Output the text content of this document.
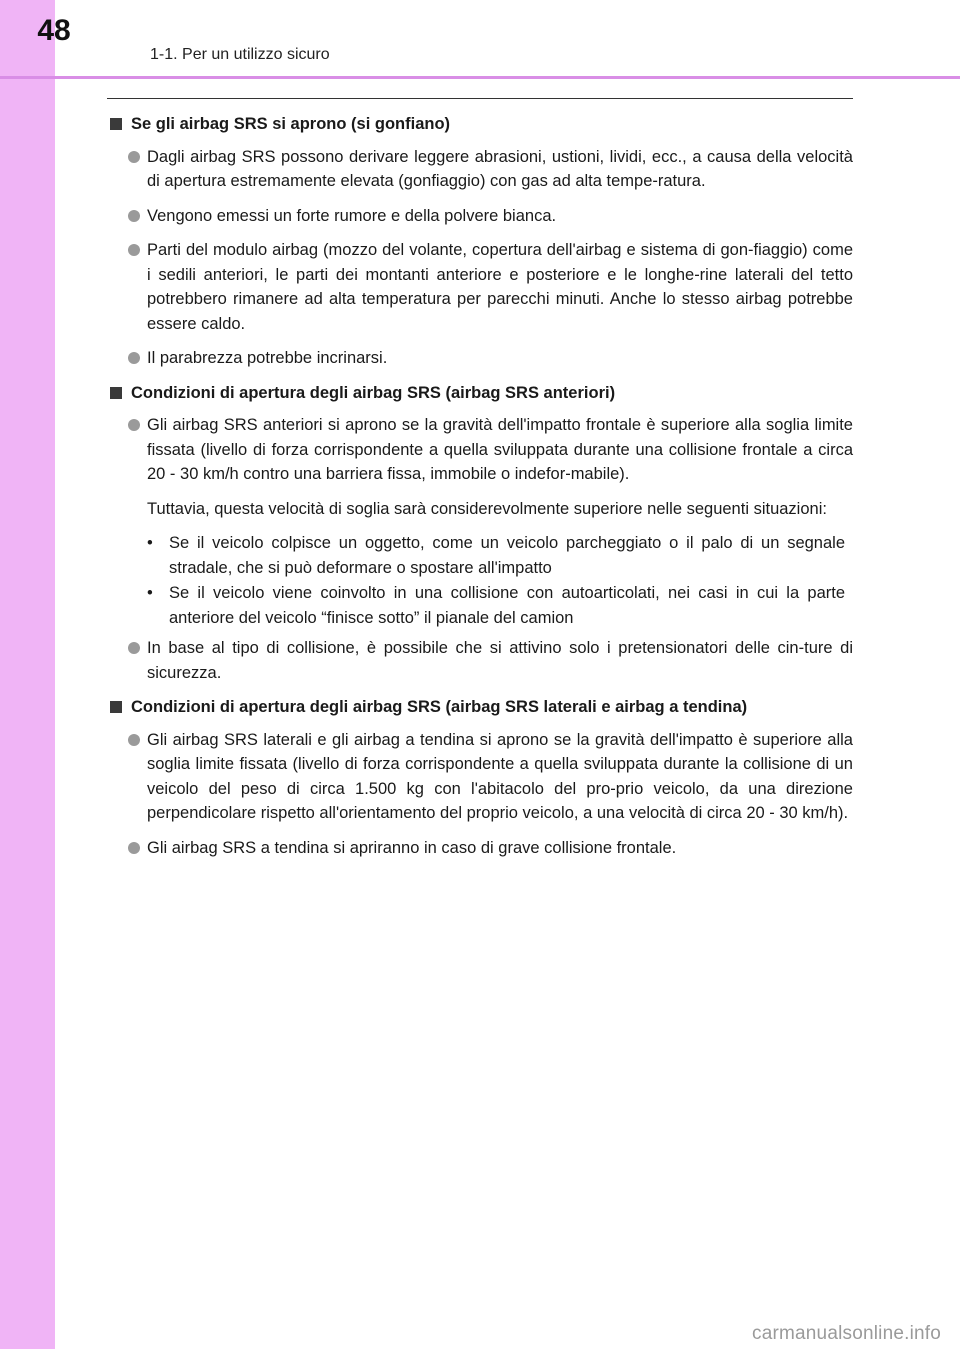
48
1-1. Per un utilizzo sicuro
Se gli airbag SRS si aprono (si gonfiano)
Dagli airbag SRS possono derivare leggere abrasioni, ustioni, lividi, ecc., a causa della velocità di apertura estremamente elevata (gonfiaggio) con gas ad alta tempe-ratura.
Vengono emessi un forte rumore e della polvere bianca.
Parti del modulo airbag (mozzo del volante, copertura dell'airbag e sistema di gon-fiaggio) come i sedili anteriori, le parti dei montanti anteriore e posteriore e le longhe-rine laterali del tetto potrebbero rimanere ad alta temperatura per parecchi minuti. Anche lo stesso airbag potrebbe essere caldo.
Il parabrezza potrebbe incrinarsi.
Condizioni di apertura degli airbag SRS (airbag SRS anteriori)
Gli airbag SRS anteriori si aprono se la gravità dell'impatto frontale è superiore alla soglia limite fissata (livello di forza corrispondente a quella sviluppata durante una collisione frontale a circa 20 - 30 km/h contro una barriera fissa, immobile o indefor-mabile).
Tuttavia, questa velocità di soglia sarà considerevolmente superiore nelle seguenti situazioni:
• Se il veicolo colpisce un oggetto, come un veicolo parcheggiato o il palo di un segnale stradale, che si può deformare o spostare all'impatto
• Se il veicolo viene coinvolto in una collisione con autoarticolati, nei casi in cui la parte anteriore del veicolo “finisce sotto” il pianale del camion
In base al tipo di collisione, è possibile che si attivino solo i pretensionatori delle cin-ture di sicurezza.
Condizioni di apertura degli airbag SRS (airbag SRS laterali e airbag a tendina)
Gli airbag SRS laterali e gli airbag a tendina si aprono se la gravità dell'impatto è superiore alla soglia limite fissata (livello di forza corrispondente a quella sviluppata durante la collisione di un veicolo del peso di circa 1.500 kg con l'abitacolo del pro-prio veicolo, da una direzione perpendicolare rispetto all'orientamento del proprio veicolo, a una velocità di circa 20 - 30 km/h).
Gli airbag SRS a tendina si apriranno in caso di grave collisione frontale.
carmanualsonline.info
